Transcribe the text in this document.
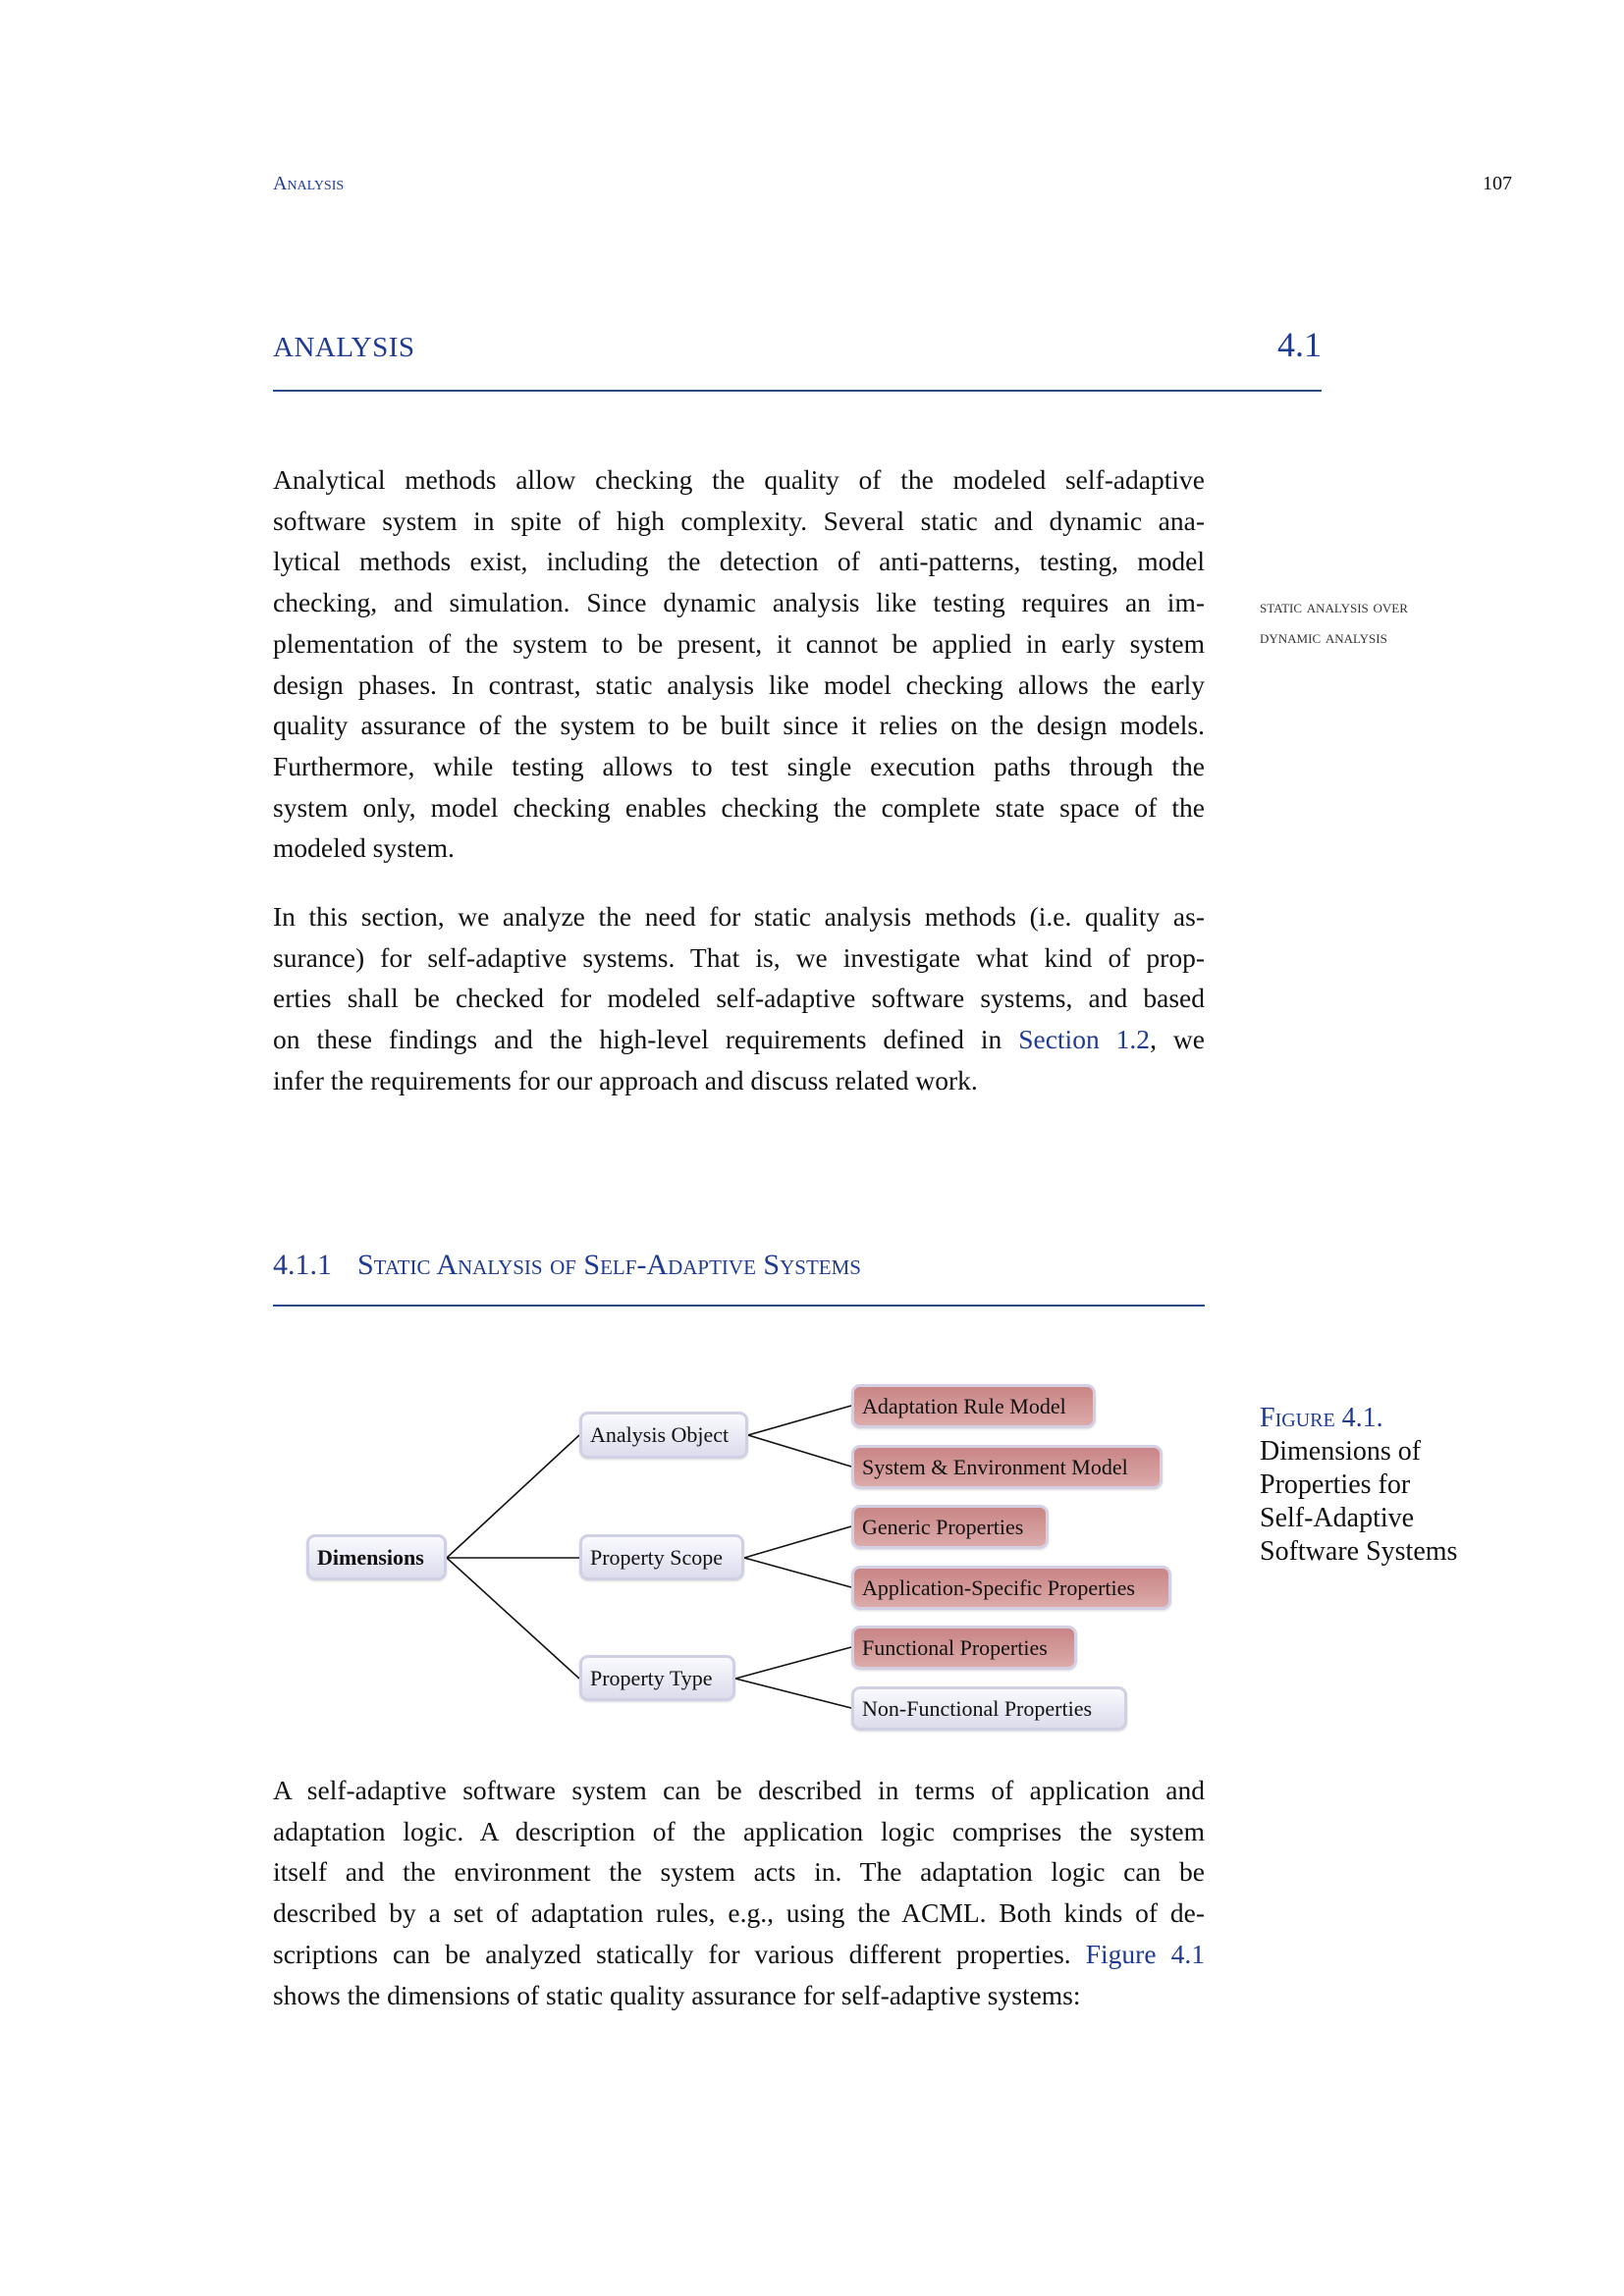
Analysis	107
ANALYSIS	4.1
Analytical methods allow checking the quality of the modeled self-adaptive
software system in spite of high complexity. Several static and dynamic ana-
lytical methods exist, including the detection of anti-patterns, testing, model
checking, and simulation. Since dynamic analysis like testing requires an im-
plementation of the system to be present, it cannot be applied in early system
design phases. In contrast, static analysis like model checking allows the early
quality assurance of the system to be built since it relies on the design models.
Furthermore, while testing allows to test single execution paths through the
system only, model checking enables checking the complete state space of the
modeled system.
static analysis over
dynamic analysis
In this section, we analyze the need for static analysis methods (i.e. quality as-
surance) for self-adaptive systems. That is, we investigate what kind of prop-
erties shall be checked for modeled self-adaptive software systems, and based
on these findings and the high-level requirements defined in Section 1.2, we
infer the requirements for our approach and discuss related work.
4.1.1 Static Analysis of Self-Adaptive Systems
Dimensions
Analysis Object
Property Scope
Property Type
Adaptation Rule Model
System & Environment Model
Generic Properties
Application-Specific Properties
Functional Properties
Non-Functional Properties
Figure 4.1.
Dimensions of
Properties for
Self-Adaptive
Software Systems
A self-adaptive software system can be described in terms of application and
adaptation logic. A description of the application logic comprises the system
itself and the environment the system acts in. The adaptation logic can be
described by a set of adaptation rules, e.g., using the ACML. Both kinds of de-
scriptions can be analyzed statically for various different properties. Figure 4.1
shows the dimensions of static quality assurance for self-adaptive systems:
